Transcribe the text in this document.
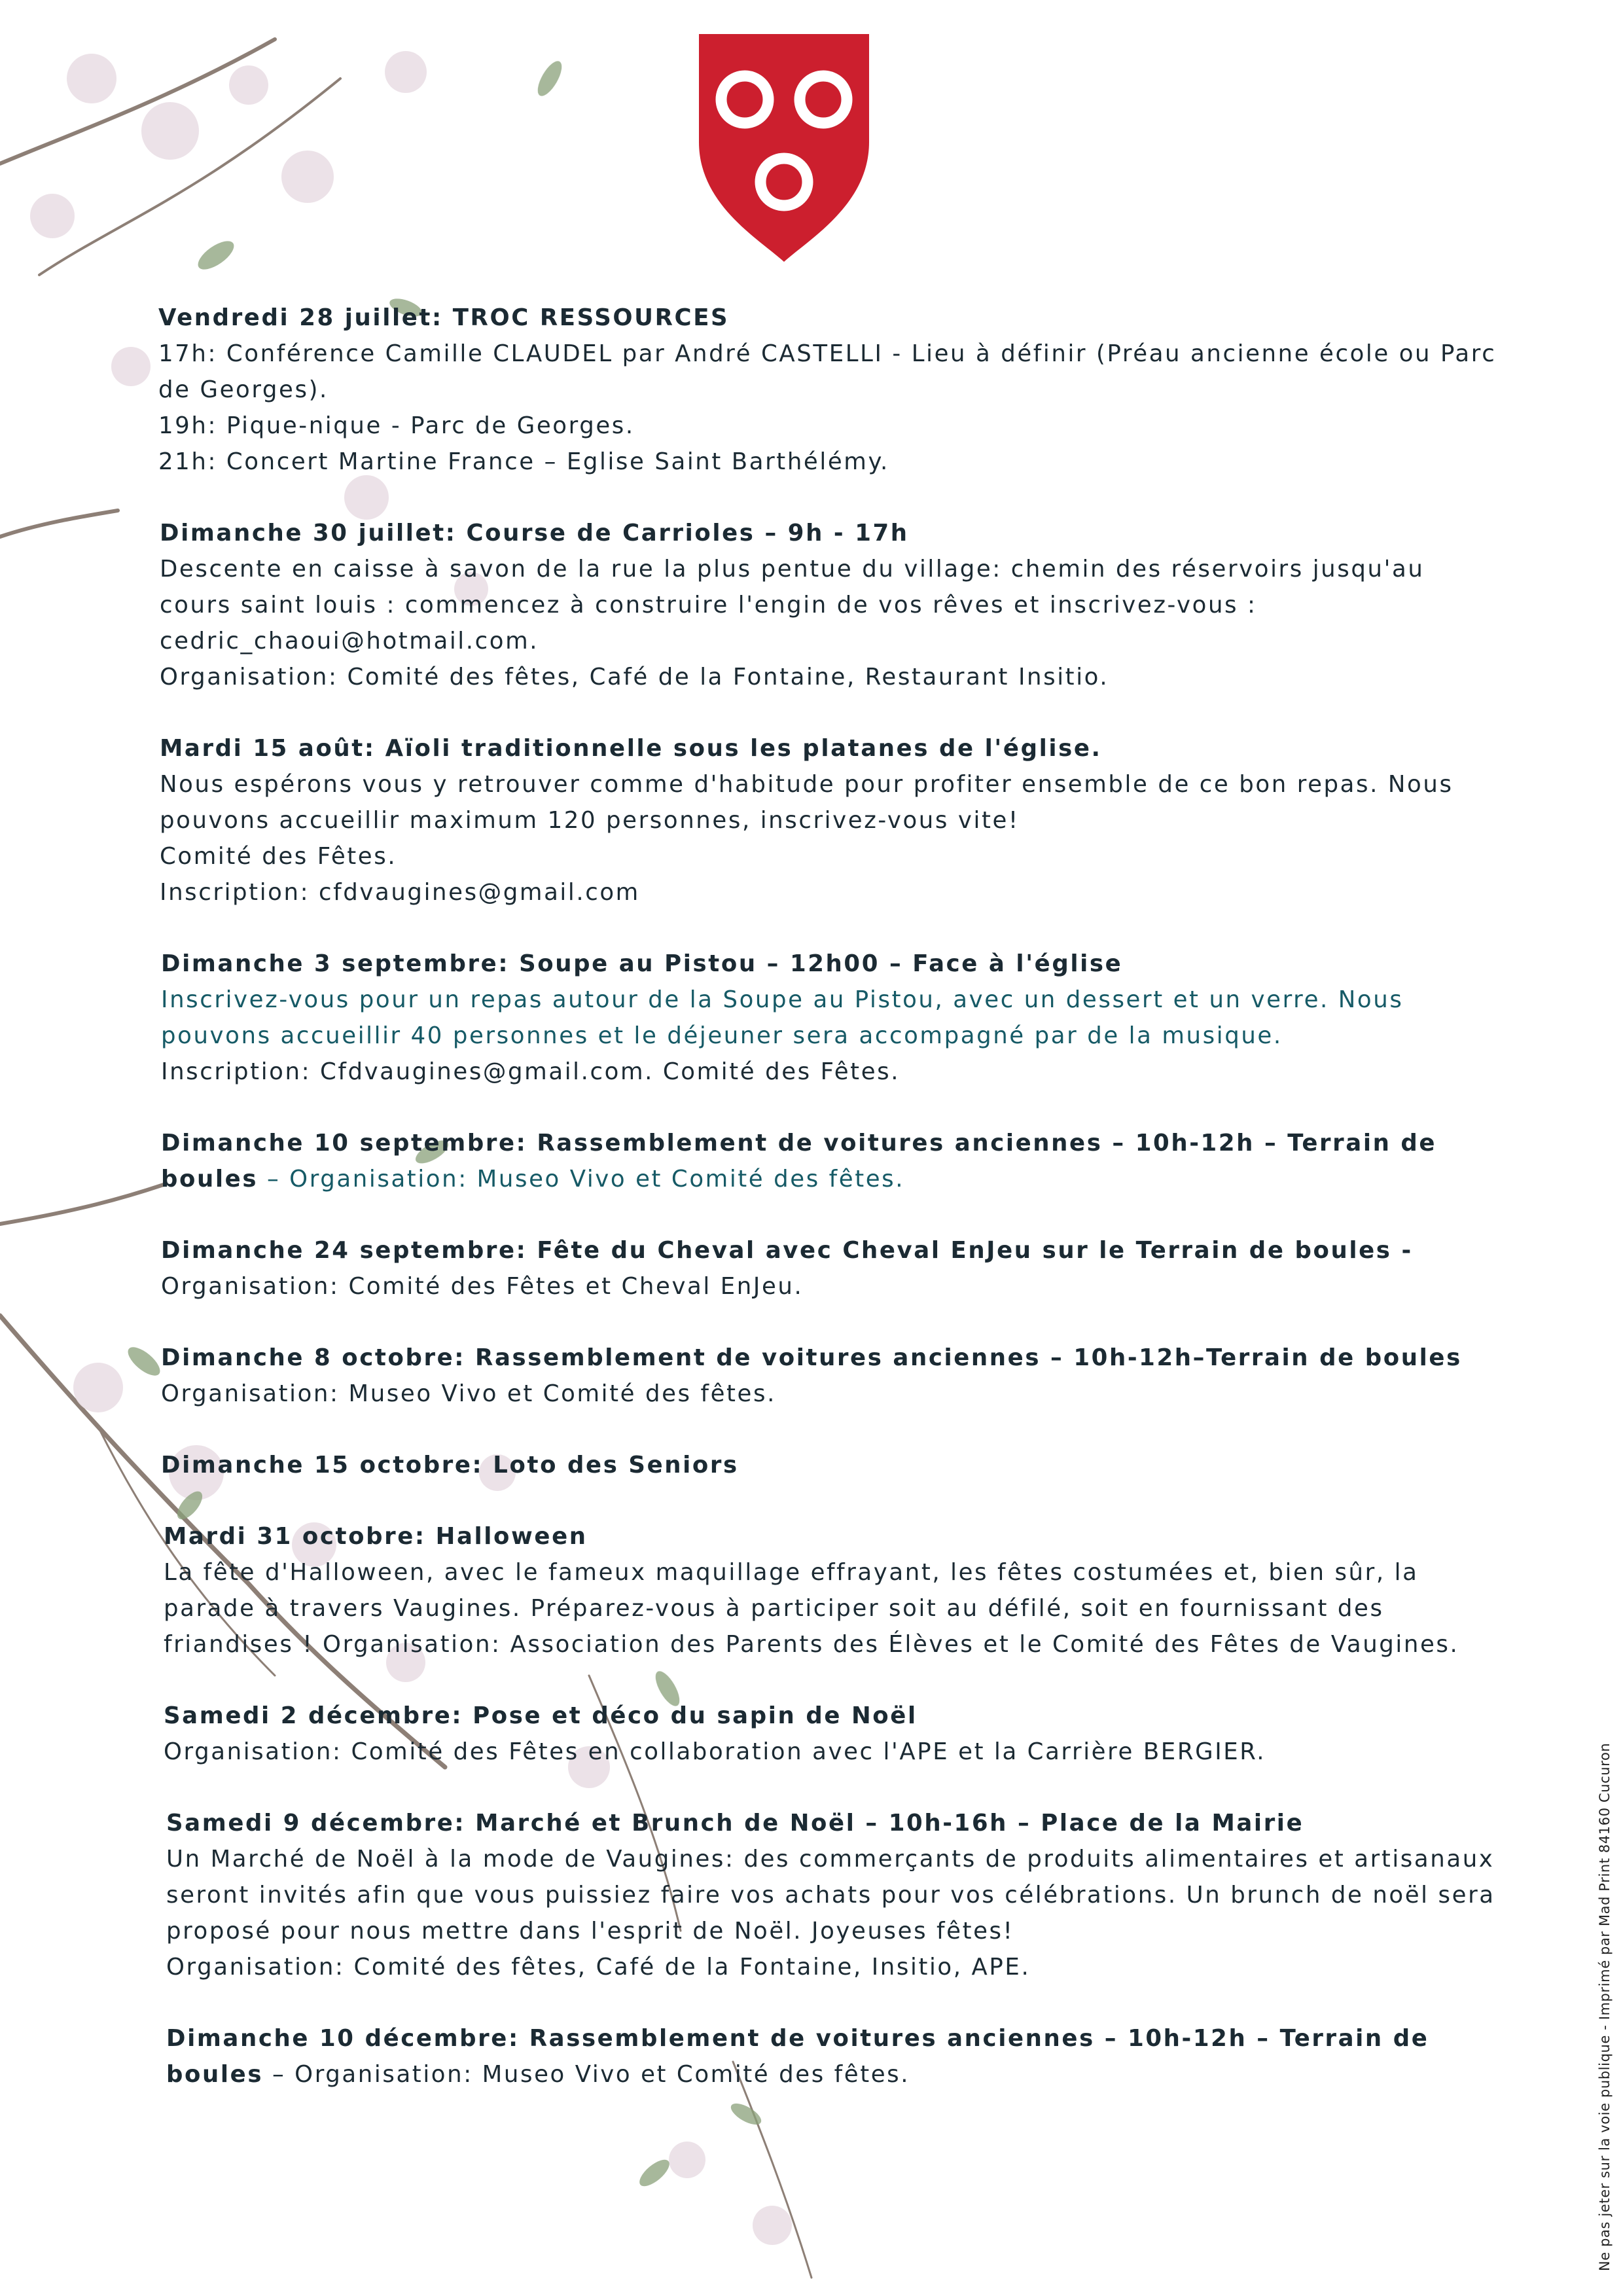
Vendredi 28 juillet: TROC RESSOURCES

17h: Conférence Camille CLAUDEL par André CASTELLI - Lieu à définir (Préau ancienne école ou Parc de Georges).

19h: Pique-nique - Parc de Georges.

21h: Concert Martine France – Eglise Saint Barthélémy.

Dimanche 30 juillet: Course de Carrioles – 9h - 17h

Descente en caisse à savon de la rue la plus pentue du village: chemin des réservoirs jusqu'au cours saint louis : commencez à construire l'engin de vos rêves et inscrivez-vous : cedric_chaoui@hotmail.com.

Organisation: Comité des fêtes, Café de la Fontaine, Restaurant Insitio.

Mardi 15 août: Aïoli traditionnelle sous les platanes de l'église.

Nous espérons vous y retrouver comme d'habitude pour profiter ensemble de ce bon repas. Nous pouvons accueillir maximum 120 personnes, inscrivez-vous vite!

Comité des Fêtes.

Inscription: cfdvaugines@gmail.com

Dimanche 3 septembre: Soupe au Pistou – 12h00 – Face à l'église

Inscrivez-vous pour un repas autour de la Soupe au Pistou, avec un dessert et un verre. Nous pouvons accueillir 40 personnes et le déjeuner sera accompagné par de la musique.

Inscription: Cfdvaugines@gmail.com. Comité des Fêtes.

Dimanche 10 septembre: Rassemblement de voitures anciennes – 10h-12h – Terrain de boules – Organisation: Museo Vivo et Comité des fêtes.

Dimanche 24 septembre: Fête du Cheval avec Cheval EnJeu sur le Terrain de boules -

Organisation: Comité des Fêtes et Cheval EnJeu.

Dimanche 8 octobre: Rassemblement de voitures anciennes – 10h-12h–Terrain de boules

Organisation: Museo Vivo et Comité des fêtes.

Dimanche 15 octobre: Loto des Seniors

Mardi 31 octobre: Halloween

La fête d'Halloween, avec le fameux maquillage effrayant, les fêtes costumées et, bien sûr, la parade à travers Vaugines. Préparez-vous à participer soit au défilé, soit en fournissant des friandises ! Organisation: Association des Parents des Élèves et le Comité des Fêtes de Vaugines.

Samedi 2 décembre: Pose et déco du sapin de Noël

Organisation: Comité des Fêtes en collaboration avec l'APE et la Carrière BERGIER.

Samedi 9 décembre: Marché et Brunch de Noël – 10h-16h – Place de la Mairie

Un Marché de Noël à la mode de Vaugines: des commerçants de produits alimentaires et artisanaux seront invités afin que vous puissiez faire vos achats pour vos célébrations. Un brunch de noël sera proposé pour nous mettre dans l'esprit de Noël. Joyeuses fêtes!

Organisation: Comité des fêtes, Café de la Fontaine, Insitio, APE.

Dimanche 10 décembre: Rassemblement de voitures anciennes – 10h-12h – Terrain de boules – Organisation: Museo Vivo et Comité des fêtes.	Ne pas jeter sur la voie publique - Imprimé par Mad Print 84160 Cucuron
